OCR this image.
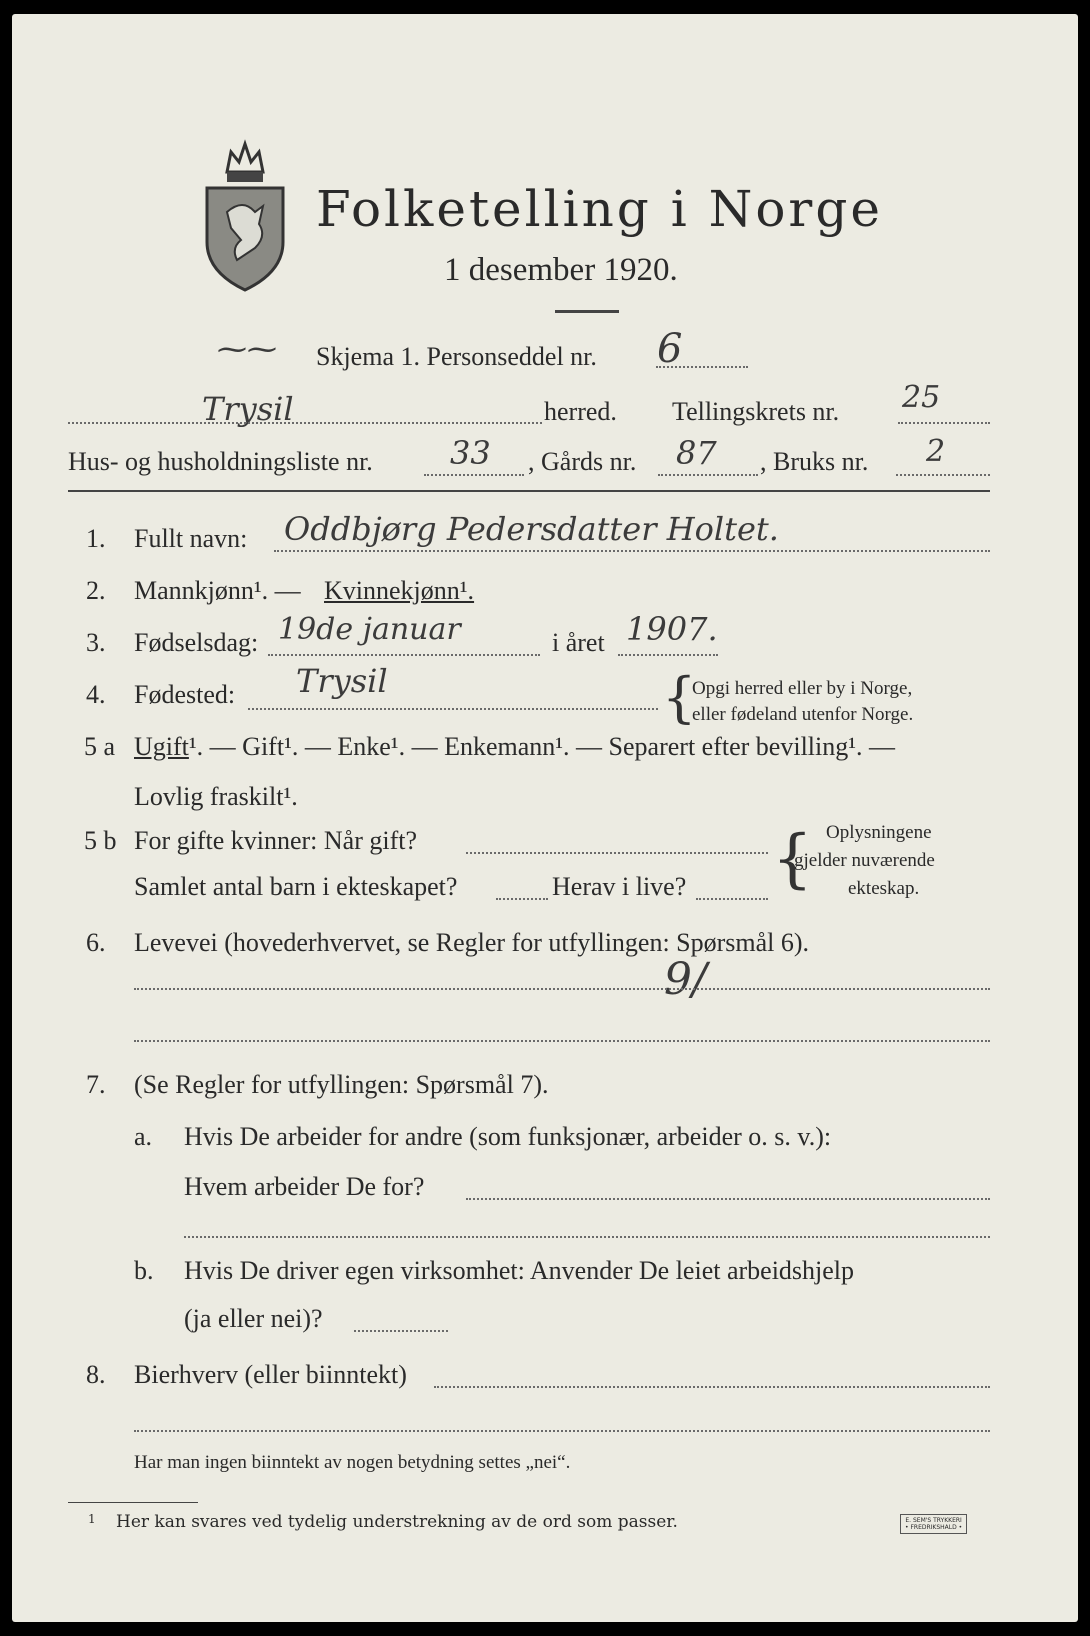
Folketelling i Norge
1 desember 1920.
⁓⁓ Skjema 1. Personseddel nr. 6
Trysil	herred. Tellingskrets nr. 25
Hus- og husholdningsliste nr. 33 , Gårds nr. 87 , Bruks nr. 2
1. Fullt navn: Oddbjørg Pedersdatter Holtet.
2. Mannkjønn¹. — Kvinnekjønn¹.
3. Fødselsdag: 19de januar	i året 1907.
4. Fødested: Trysil	{
Opgi herred eller by i Norge,
eller fødeland utenfor Norge.
5 a Ugift¹. — Gift¹. — Enke¹. — Enkemann¹. — Separert efter bevilling¹. —
Lovlig fraskilt¹.
5 b For gifte kvinner: Når gift?
Samlet antal barn i ekteskapet?	Herav i live? { Oplysningene
gjelder nuværende
ekteskap.
6. Levevei (hovederhvervet, se Regler for utfyllingen: Spørsmål 6).
9/
7. (Se Regler for utfyllingen: Spørsmål 7).
a. Hvis De arbeider for andre (som funksjonær, arbeider o. s. v.):
Hvem arbeider De for?
b. Hvis De driver egen virksomhet: Anvender De leiet arbeidshjelp
(ja eller nei)?
8. Bierhverv (eller biinntekt)
Har man ingen biinntekt av nogen betydning settes „nei“.
1 Her kan svares ved tydelig understrekning av de ord som passer.	E. SEM'S TRYKKERI
• FREDRIKSHALD •
